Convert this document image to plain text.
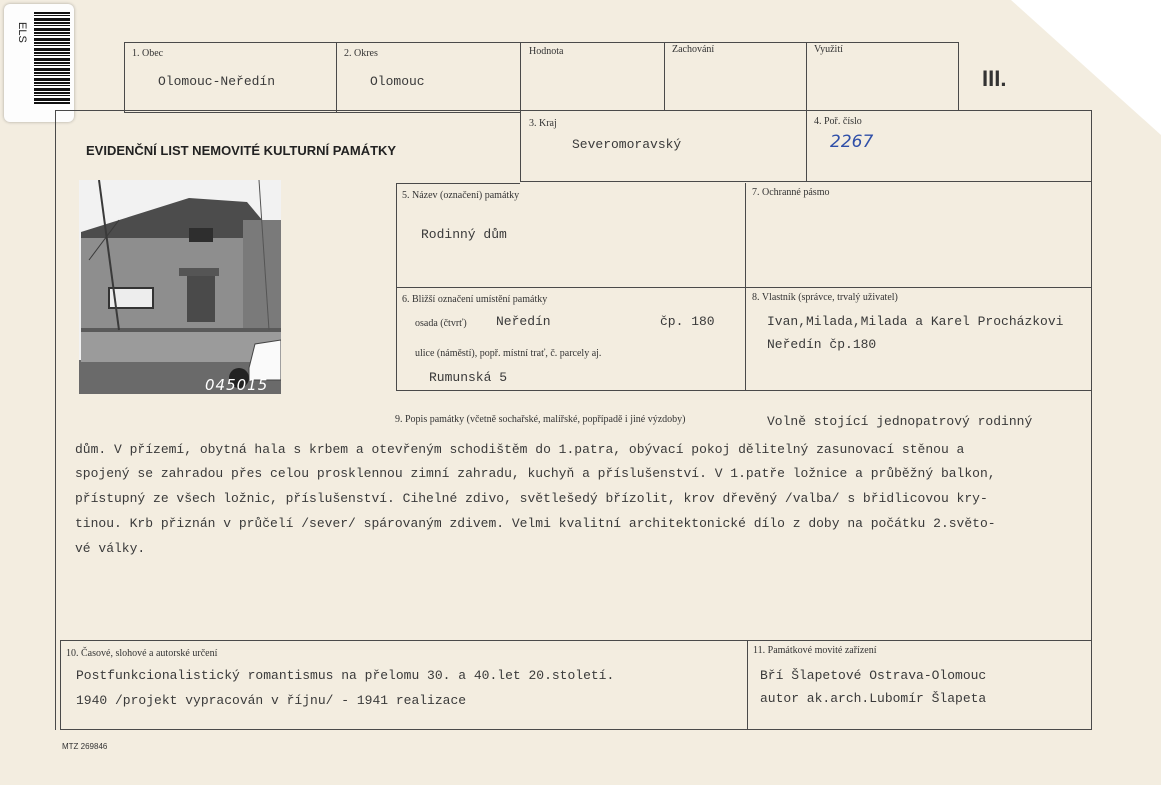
ELS
1. Obec
Olomouc-Neředín
2. Okres
Olomouc
Hodnota	Zachování	Využití
III.
EVIDENČNÍ LIST NEMOVITÉ KULTURNÍ PAMÁTKY
3. Kraj
Severomoravský
4. Poř. číslo
2267
045015
5. Název (označení) památky
Rodinný dům
7. Ochranné pásmo
6. Bližší označení umístění památky
osada (čtvrť) Neředín	čp. 180
ulice (náměstí), popř. místní trať, č. parcely aj.
Rumunská 5
8. Vlastník (správce, trvalý uživatel)
Ivan,Milada,Milada a Karel Procházkovi
Neředín čp.180
9. Popis památky (včetně sochařské, malířské, popřípadě i jiné výzdoby)	Volně stojící jednopatrový rodinný
dům. V přízemí, obytná hala s krbem a otevřeným schodištěm do 1.patra, obývací pokoj dělitelný zasunovací stěnou a
spojený se zahradou přes celou prosklennou zimní zahradu, kuchyň a příslušenství. V 1.patře ložnice a průběžný balkon,
přístupný ze všech ložnic, příslušenství. Cihelné zdivo, světlešedý břízolit, krov dřevěný /valba/ s břidlicovou kry-
tinou. Krb přiznán v průčelí /sever/ spárovaným zdivem. Velmi kvalitní architektonické dílo z doby na počátku 2.světo-
vé války.
10. Časové, slohové a autorské určení
Postfunkcionalistický romantismus na přelomu 30. a 40.let 20.století.
1940 /projekt vypracován v říjnu/ - 1941 realizace
11. Památkové movité zařízení
Bří Šlapetové Ostrava-Olomouc
autor ak.arch.Lubomír Šlapeta
MTZ 269846
